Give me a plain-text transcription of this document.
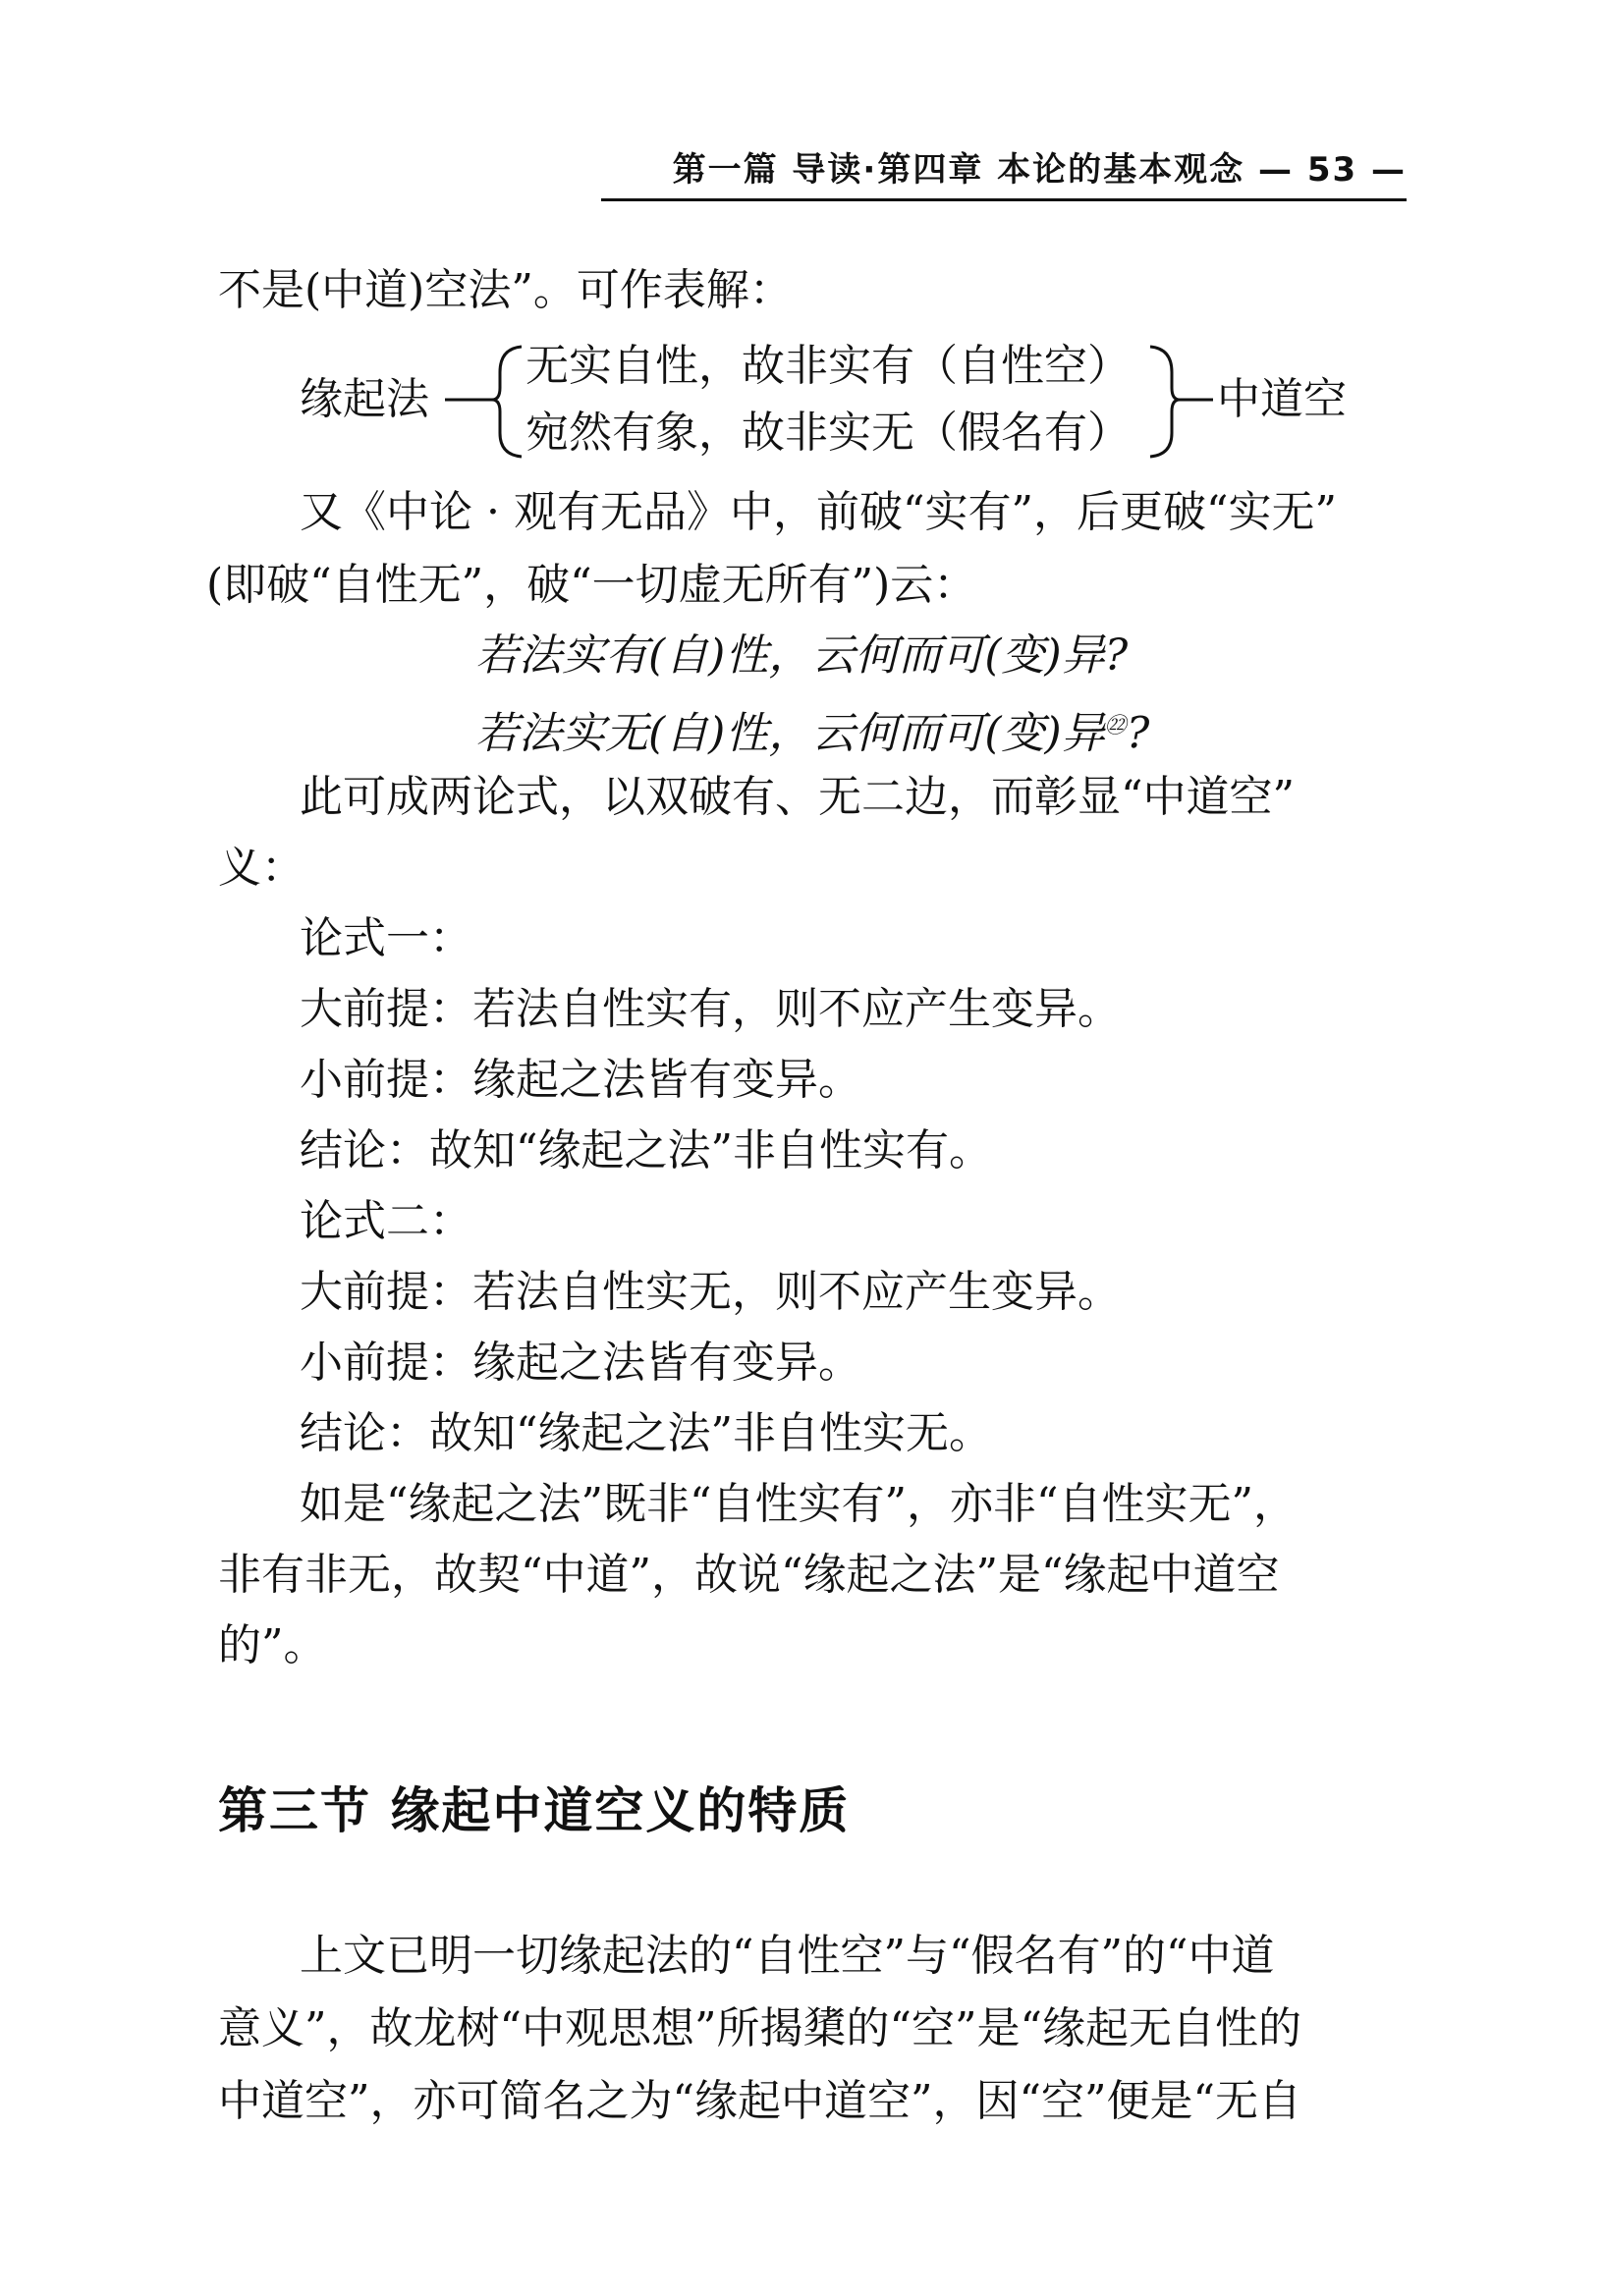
第一篇 导读·第四章 本论的基本观念 — 53 —
不是(中道)空法”。可作表解：
缘起法
无实自性，故非实有（自性空）
宛然有象，故非实无（假名有）
中道空
又《中论 · 观有无品》中，前破“实有”，后更破“实无”
(即破“自性无”，破“一切虚无所有”)云：
若法实有(自)性，云何而可(变)异?
若法实无(自)性，云何而可(变)异$^㉒$?
此可成两论式，以双破有、无二边，而彰显“中道空”
义：
论式一：
大前提：若法自性实有，则不应产生变异。
小前提：缘起之法皆有变异。
结论：故知“缘起之法”非自性实有。
论式二：
大前提：若法自性实无，则不应产生变异。
小前提：缘起之法皆有变异。
结论：故知“缘起之法”非自性实无。
如是“缘起之法”既非“自性实有”，亦非“自性实无”，
非有非无，故契“中道”，故说“缘起之法”是“缘起中道空
的”。
第三节 缘起中道空义的特质
上文已明一切缘起法的“自性空”与“假名有”的“中道
意义”，故龙树“中观思想”所揭橥的“空”是“缘起无自性的
中道空”，亦可简名之为“缘起中道空”，因“空”便是“无自
